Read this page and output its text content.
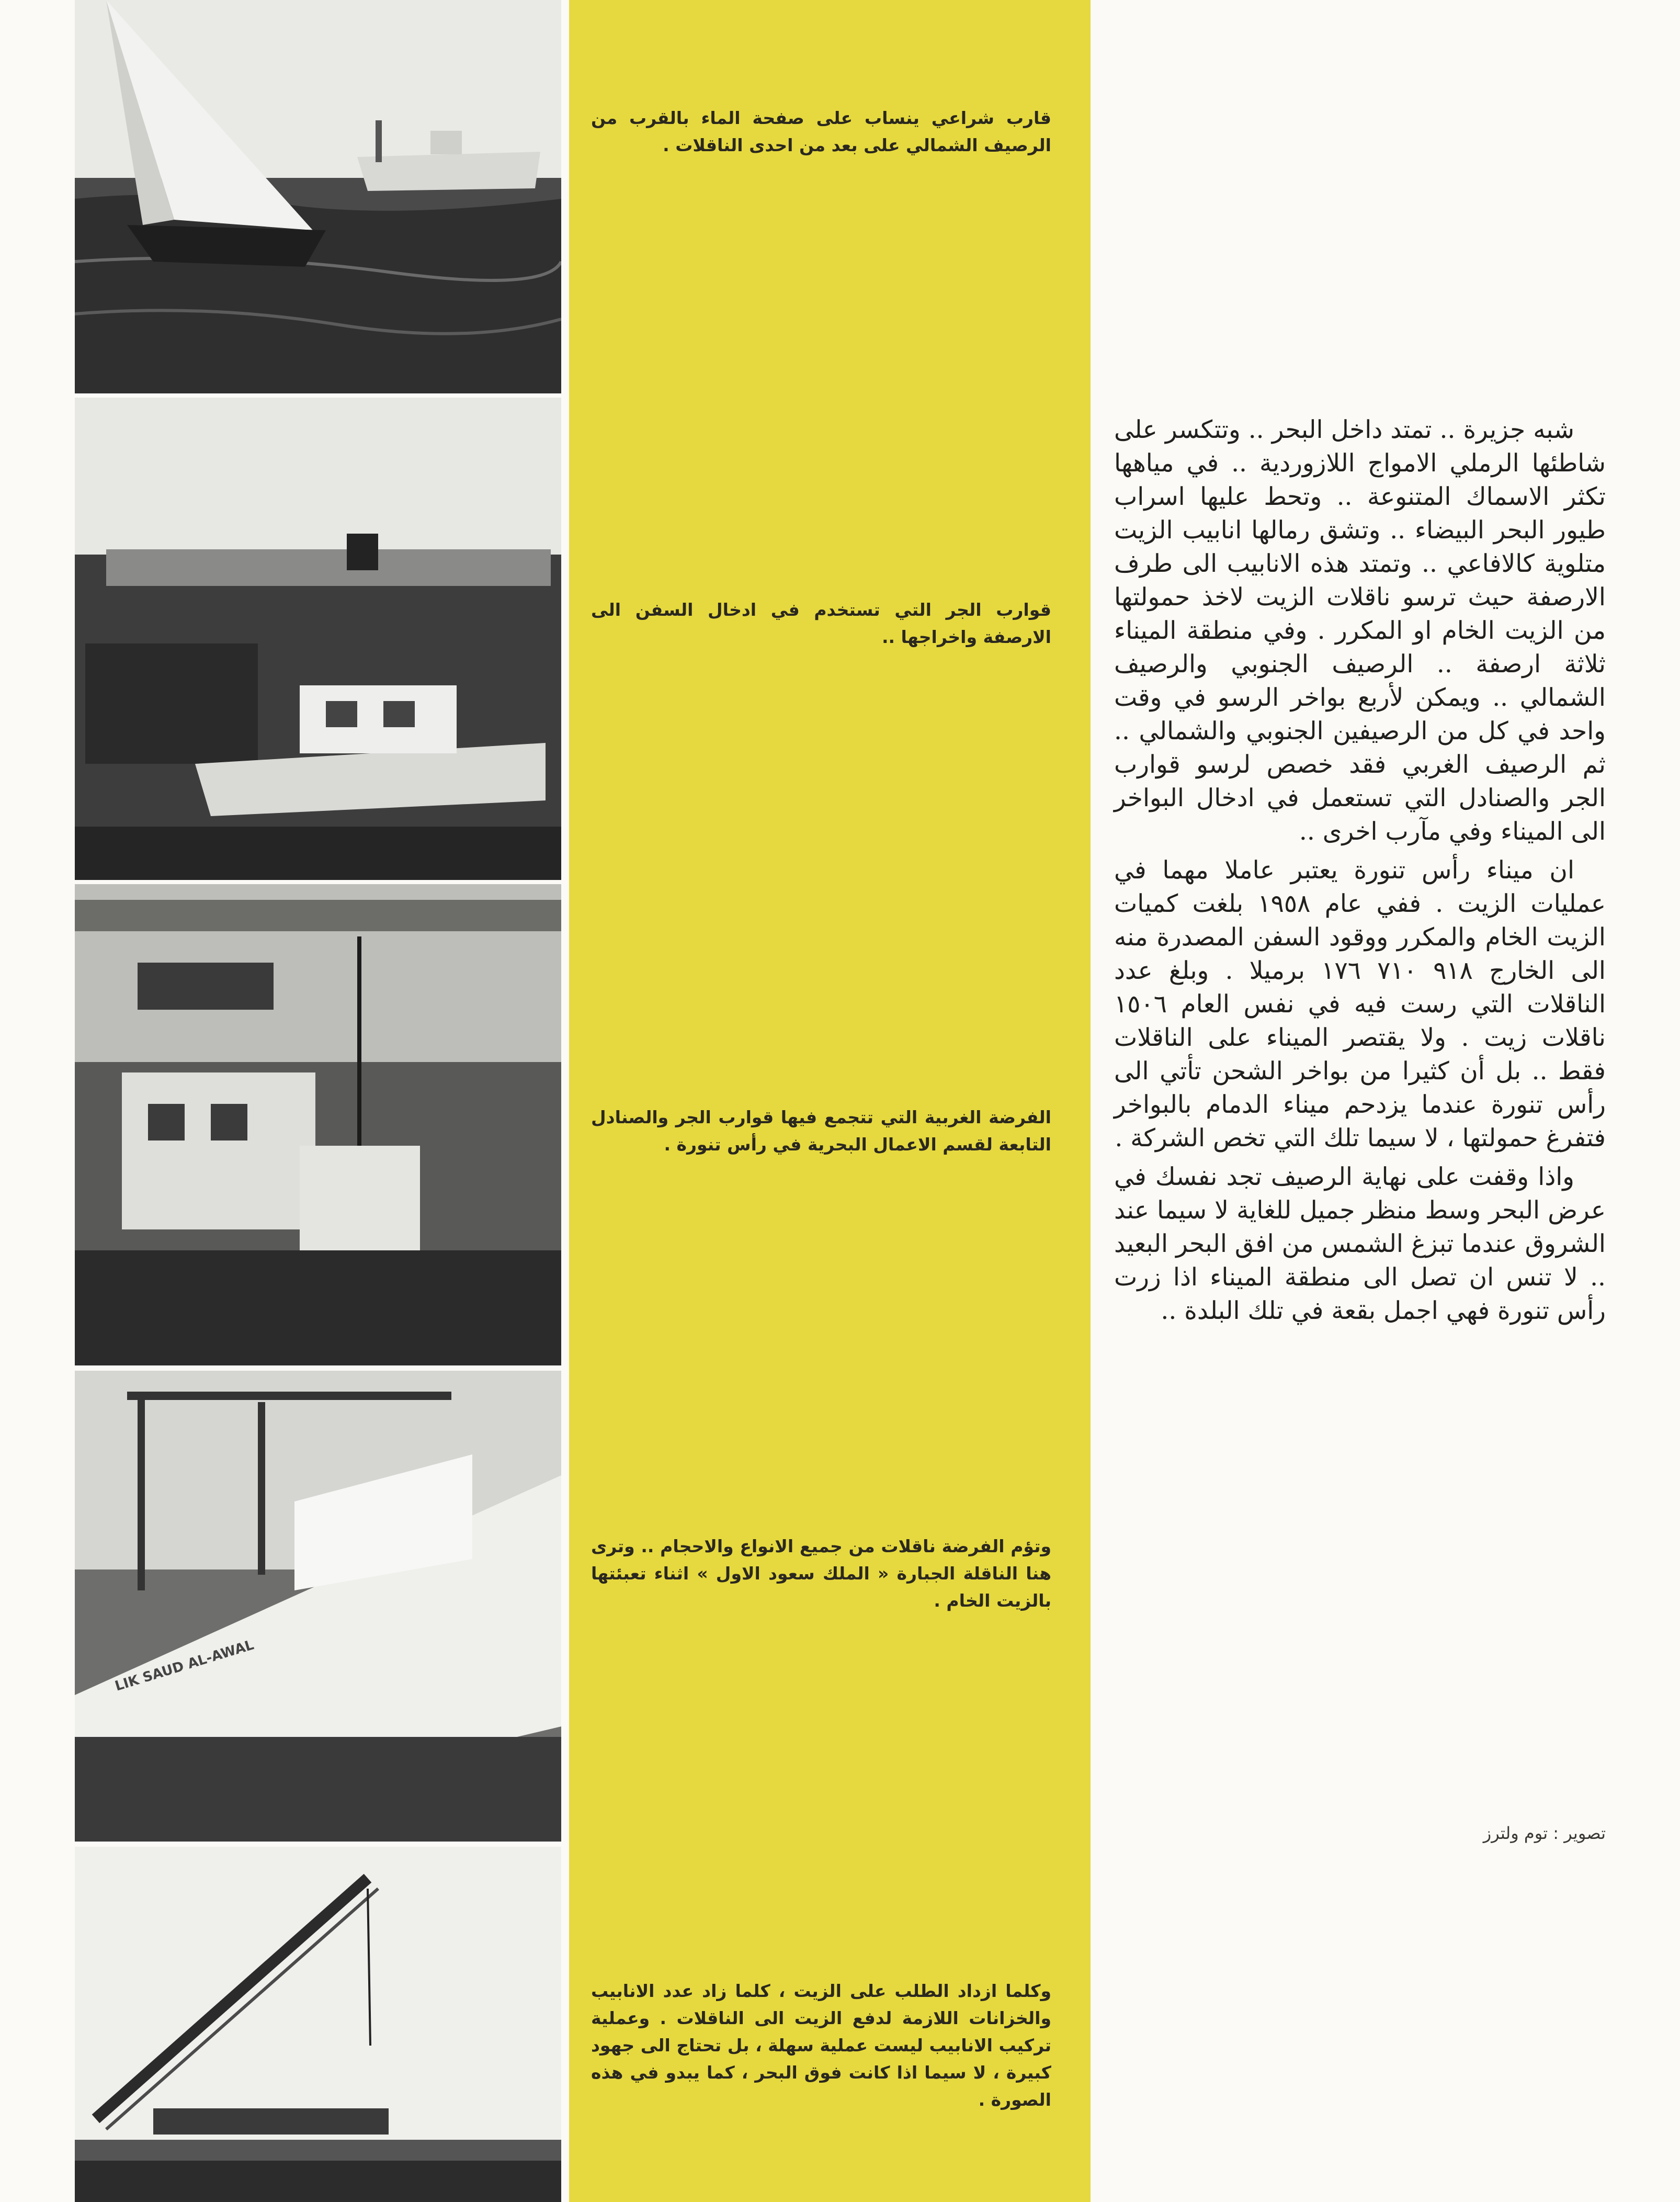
LIK SAUD AL-AWAL
قارب شراعي ينساب على صفحة الماء بالقرب من الرصيف الشمالي على بعد من احدى الناقلات .
قوارب الجر التي تستخدم في ادخال السفن الى الارصفة واخراجها ..
الفرضة الغربية التي تتجمع فيها قوارب الجر والصنادل التابعة لقسم الاعمال البحرية في رأس تنورة .
وتؤم الفرضة ناقلات من جميع الانواع والاحجام .. وترى هنا الناقلة الجبارة « الملك سعود الاول » اثناء تعبئتها بالزيت الخام .
وكلما ازداد الطلب على الزيت ، كلما زاد عدد الانابيب والخزانات اللازمة لدفع الزيت الى الناقلات . وعملية تركيب الانابيب ليست عملية سهلة ، بل تحتاج الى جهود كبيرة ، لا سيما اذا كانت فوق البحر ، كما يبدو في هذه الصورة .

شبه جزيرة .. تمتد داخل البحر .. وتتكسر على شاطئها الرملي الامواج اللازوردية .. في مياهها تكثر الاسماك المتنوعة .. وتحط عليها اسراب طيور البحر البيضاء .. وتشق رمالها انابيب الزيت متلوية كالافاعي .. وتمتد هذه الانابيب الى طرف الارصفة حيث ترسو ناقلات الزيت لاخذ حمولتها من الزيت الخام او المكرر . وفي منطقة الميناء ثلاثة ارصفة .. الرصيف الجنوبي والرصيف الشمالي .. ويمكن لأربع بواخر الرسو في وقت واحد في كل من الرصيفين الجنوبي والشمالي .. ثم الرصيف الغربي فقد خصص لرسو قوارب الجر والصنادل التي تستعمل في ادخال البواخر الى الميناء وفي مآرب اخرى ..

ان ميناء رأس تنورة يعتبر عاملا مهما في عمليات الزيت . ففي عام ١٩٥٨ بلغت كميات الزيت الخام والمكرر ووقود السفن المصدرة منه الى الخارج ٩١٨ ٧١٠ ١٧٦ برميلا . وبلغ عدد الناقلات التي رست فيه في نفس العام ١٥٠٦ ناقلات زيت . ولا يقتصر الميناء على الناقلات فقط .. بل أن كثيرا من بواخر الشحن تأتي الى رأس تنورة عندما يزدحم ميناء الدمام بالبواخر فتفرغ حمولتها ، لا سيما تلك التي تخص الشركة .

واذا وقفت على نهاية الرصيف تجد نفسك في عرض البحر وسط منظر جميل للغاية لا سيما عند الشروق عندما تبزغ الشمس من افق البحر البعيد .. لا تنس ان تصل الى منطقة الميناء اذا زرت رأس تنورة فهي اجمل بقعة في تلك البلدة ..

تصوير : توم ولترز
